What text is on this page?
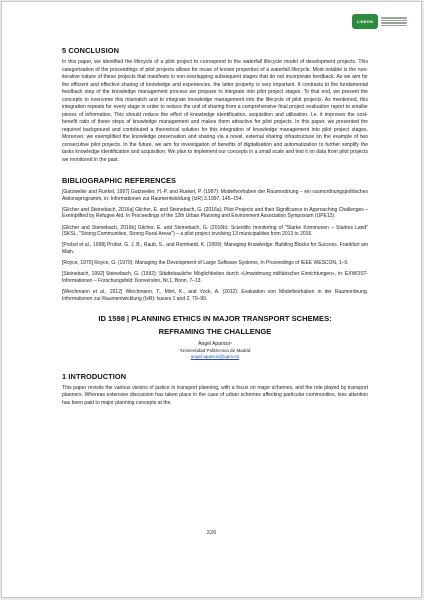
LISBON
5 CONCLUSION

In this paper, we identified the lifecycle of a pilot project to correspond to the waterfall lifecycle model of development projects. This categorisation of the proceedings of pilot projects allows for reuse of known properties of a waterfall lifecycle. Most notable is the non-iterative nature of these projects that manifests in non-overlapping subsequent stages that do not incorporate feedback. As we aim for the efficient and effective sharing of knowledge and experiences, the latter property is very important. It contrasts to the fundamental feedback step of the knowledge management process we propose to integrate into pilot project stages. To that end, we present the concepts to overcome this mismatch and to integrate knowledge management into the lifecycle of pilot projects. As mentioned, this integration repeats for every stage in order to reduce the unit of sharing from a comprehensive final project evaluation report to smaller pieces of information. This should reduce the effort of knowledge identification, acquisition and utilisation. I.e. it improves the cost-benefit ratio of these steps of knowledge management and makes them attractive for pilot projects. In this paper, we presented the required background and contributed a theoretical solution for this integration of knowledge management into pilot project stages. Moreover, we exemplified the knowledge preservation and sharing via a novel, external sharing infrastructure on the example of two consecutive pilot projects. In the future, we aim for investigation of benefits of digitalisation and automatization to further simplify the tasks knowledge identification and acquisition. We plan to implement our concepts in a small scale and test it on data from pilot projects we monitored in the past.

BIBLIOGRAPHIC REFERENCES

[Gatzweiler and Runkel, 1997] Gatzweiler, H.-P. and Runkel, P. (1997): Modellvorhaben der Raumordnung – ein raumordnungspolitisches Aktionsprogramm, in: Informationen zur Raumentwicklung (IzR) 3.1997, 145–154.

[Glicher and Steinebach, 2016a] Glicher, E. and Steinebach, G. (2016a): Pilot Projects and their Significance in Approaching Challenges – Exemplified by Refugee Aid. In Proceedings of the 12th Urban Planning and Environment Association Symposium (UPE12).

[Glicher and Steinebach, 2016b] Glicher, E. and Steinebach, G. (2016b): Scientific monitoring of "Starke Kommunen – Starkes Land" (SKSL, "Strong Communities, Strong Rural Areas") – a pilot project involving 13 municipalities from 2013 to 2016.

[Probst et al., 1998] Probst, G. J. B., Raub, S., and Romhardt, K. (1999): Managing Knowledge: Building Blocks for Success, Frankfurt am Main.

[Royce, 1970] Royce, G. (1970): Managing the Development of Large Software Systems, In Proceedings of IEEE WESCON, 1–9.

[Steinebach, 1992] Steinebach, G. (1992): Städtebauliche Möglichkeiten durch »Umwidmung militärischer Einrichtungen«, in: EXWOST-Informationen – Forschungsfeld: Konversion, Nr.1, Bonn, 7–13.

[Wiechmann et al., 2012] Wiechmann, T., Mört, K., and Vock, A. (2012): Evaluation von Modellvorhaben in der Raumordnung. Informationen zur Raumentwicklung (IzR): Issues 1 and 2, 79–90.

ID 1598 | PLANNING ETHICS IN MAJOR TRANSPORT SCHEMES:
REFRAMING THE CHALLENGE
Ángel Aparicio¹
¹Universidad Politécnica de Madrid
angel.aparicio@upm.es
1 INTRODUCTION

This paper revisits the various visions of justice in transport planning, with a focus on major schemes, and the role played by transport planners. Whereas extensive discussion has taken place in the case of urban schemes affecting particular communities, less attention has been paid to major planning concepts at the

226
